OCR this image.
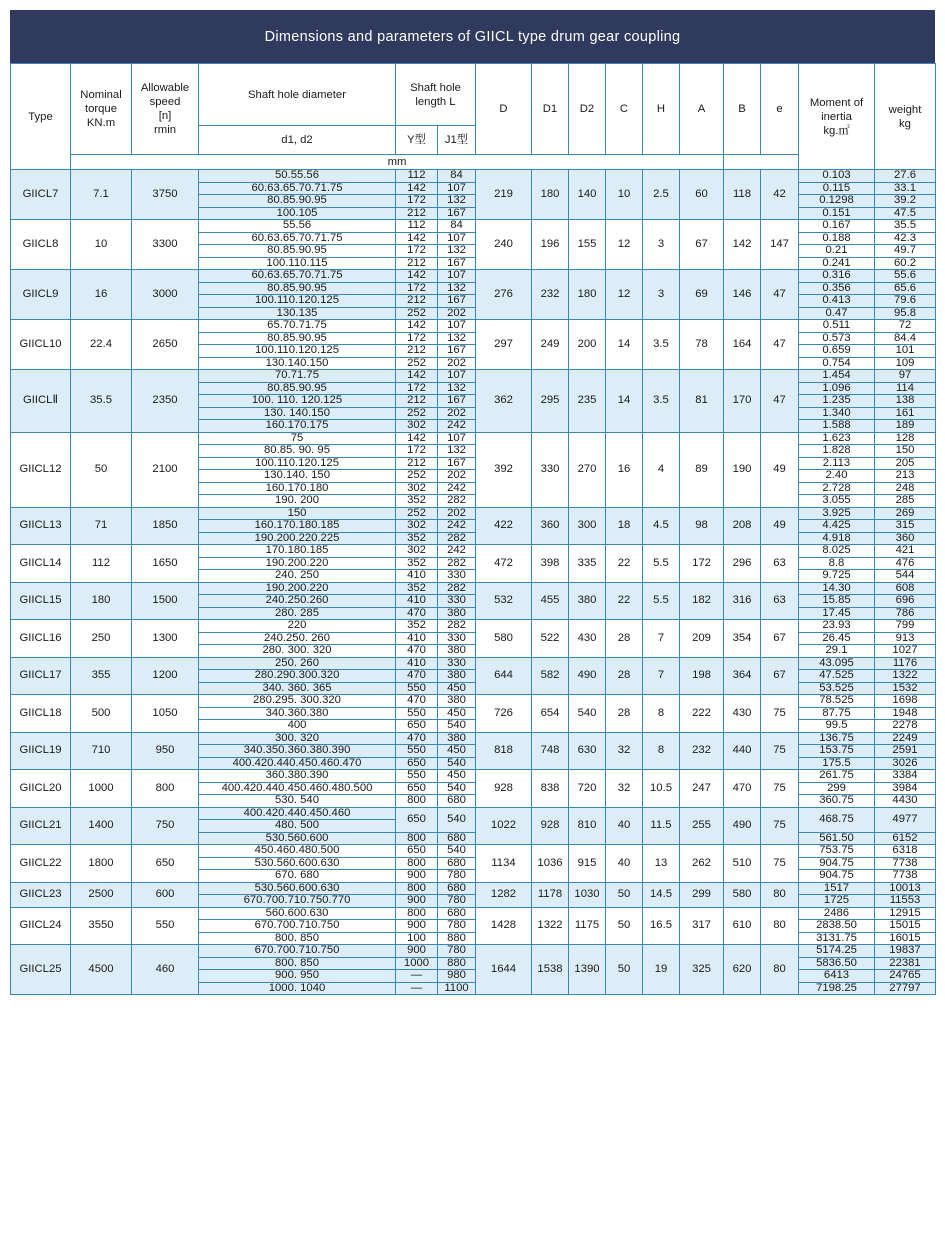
Dimensions and parameters of GIICL type drum gear coupling
Type	Nominal
torque
KN.m	Allowable
speed
[n]
rmin	Shaft hole diameter	Shaft hole
length L		D	D1	D2	C	H	A	B	e	Moment of
inertia
kg.㎡	weight
kg
			d1, d2	Y型	J1型										
	mm														
GIICL7	7.1	3750	50.55.56	112	84	219	180	140	10	2.5	60	118	42	0.103	27.6
			60.63.65.70.71.75	142	107									0.115	33.1
			80.85.90.95	172	132									0.1298	39.2
			100.105	212	167									0.151	47.5
GIICL8	10	3300	55.56	112	84	240	196	155	12	3	67	142	147	0.167	35.5
			60.63.65.70.71.75	142	107									0.188	42.3
			80.85.90.95	172	132									0.21	49.7
			100.110.115	212	167									0.241	60.2
GIICL9	16	3000	60.63.65.70.71.75	142	107	276	232	180	12	3	69	146	47	0.316	55.6
			80.85.90.95	172	132									0.356	65.6
			100.110.120.125	212	167									0.413	79.6
			130.135	252	202									0.47	95.8
GIICL10	22.4	2650	65.70.71.75	142	107	297	249	200	14	3.5	78	164	47	0.511	72
			80.85.90.95	172	132									0.573	84.4
			100.110.120.125	212	167									0.659	101
			130.140.150	252	202									0.754	109
GIICLⅡ	35.5	2350	70.71.75	142	107	362	295	235	14	3.5	81	170	47	1.454	97
			80.85.90.95	172	132									1.096	114
			100. 110. 120.125	212	167									1.235	138
			130. 140.150	252	202									1.340	161
			160.170.175	302	242									1.588	189
GIICL12	50	2100	75	142	107	392	330	270	16	4	89	190	49	1.623	128
			80.85. 90. 95	172	132									1.828	150
			100.110.120.125	212	167									2.113	205
			130.140. 150	252	202									2.40	213
			160.170.180	302	242									2.728	248
			190. 200	352	282									3.055	285
GIICL13	71	1850	150	252	202	422	360	300	18	4.5	98	208	49	3.925	269
			160.170.180.185	302	242									4.425	315
			190.200.220.225	352	282									4.918	360
GIICL14	112	1650	170.180.185	302	242	472	398	335	22	5.5	172	296	63	8.025	421
			190.200.220	352	282									8.8	476
			240. 250	410	330									9.725	544
GIICL15	180	1500	190.200.220	352	282	532	455	380	22	5.5	182	316	63	14.30	608
			240.250.260	410	330									15.85	696
			280. 285	470	380									17.45	786
GIICL16	250	1300	220	352	282	580	522	430	28	7	209	354	67	23.93	799
			240.250. 260	410	330									26.45	913
			280. 300. 320	470	380									29.1	1027
GIICL17	355	1200	250. 260	410	330	644	582	490	28	7	198	364	67	43.095	1176
			280.290.300.320	470	380									47.525	1322
			340. 360. 365	550	450									53.525	1532
GIICL18	500	1050	280.295. 300.320	470	380	726	654	540	28	8	222	430	75	78.525	1698
			340.360.380	550	450									87.75	1948
			400	650	540									99.5	2278
GIICL19	710	950	300. 320	470	380	818	748	630	32	8	232	440	75	136.75	2249
			340.350.360.380.390	550	450									153.75	2591
			400.420.440.450.460.470	650	540									175.5	3026
GIICL20	1000	800	360.380.390	550	450	928	838	720	32	10.5	247	470	75	261.75	3384
			400.420.440.450.460.480.500	650	540									299	3984
			530. 540	800	680									360.75	4430
GIICL21	1400	750	400.420.440.450.460	650	540	1022	928	810	40	11.5	255	490	75	468.75	4977
			480. 500												
			530.560.600	800	680									561.50	6152
GIICL22	1800	650	450.460.480.500	650	540	1134	1036	915	40	13	262	510	75	753.75	6318
			530.560.600.630	800	680									904.75	7738
			670. 680	900	780									904.75	7738
GIICL23	2500	600	530.560.600.630	800	680	1282	1178	1030	50	14.5	299	580	80	1517	10013
			670.700.710.750.770	900	780									1725	11553
GIICL24	3550	550	560.600.630	800	680	1428	1322	1175	50	16.5	317	610	80	2486	12915
			670.700.710.750	900	780									2838.50	15015
			800. 850	100	880									3131.75	16015
GIICL25	4500	460	670.700.710.750	900	780	1644	1538	1390	50	19	325	620	80	5174.25	19837
			800. 850	1000	880									5836.50	22381
			900. 950	—	980									6413	24765
			1000. 1040	—	1100									7198.25	27797
